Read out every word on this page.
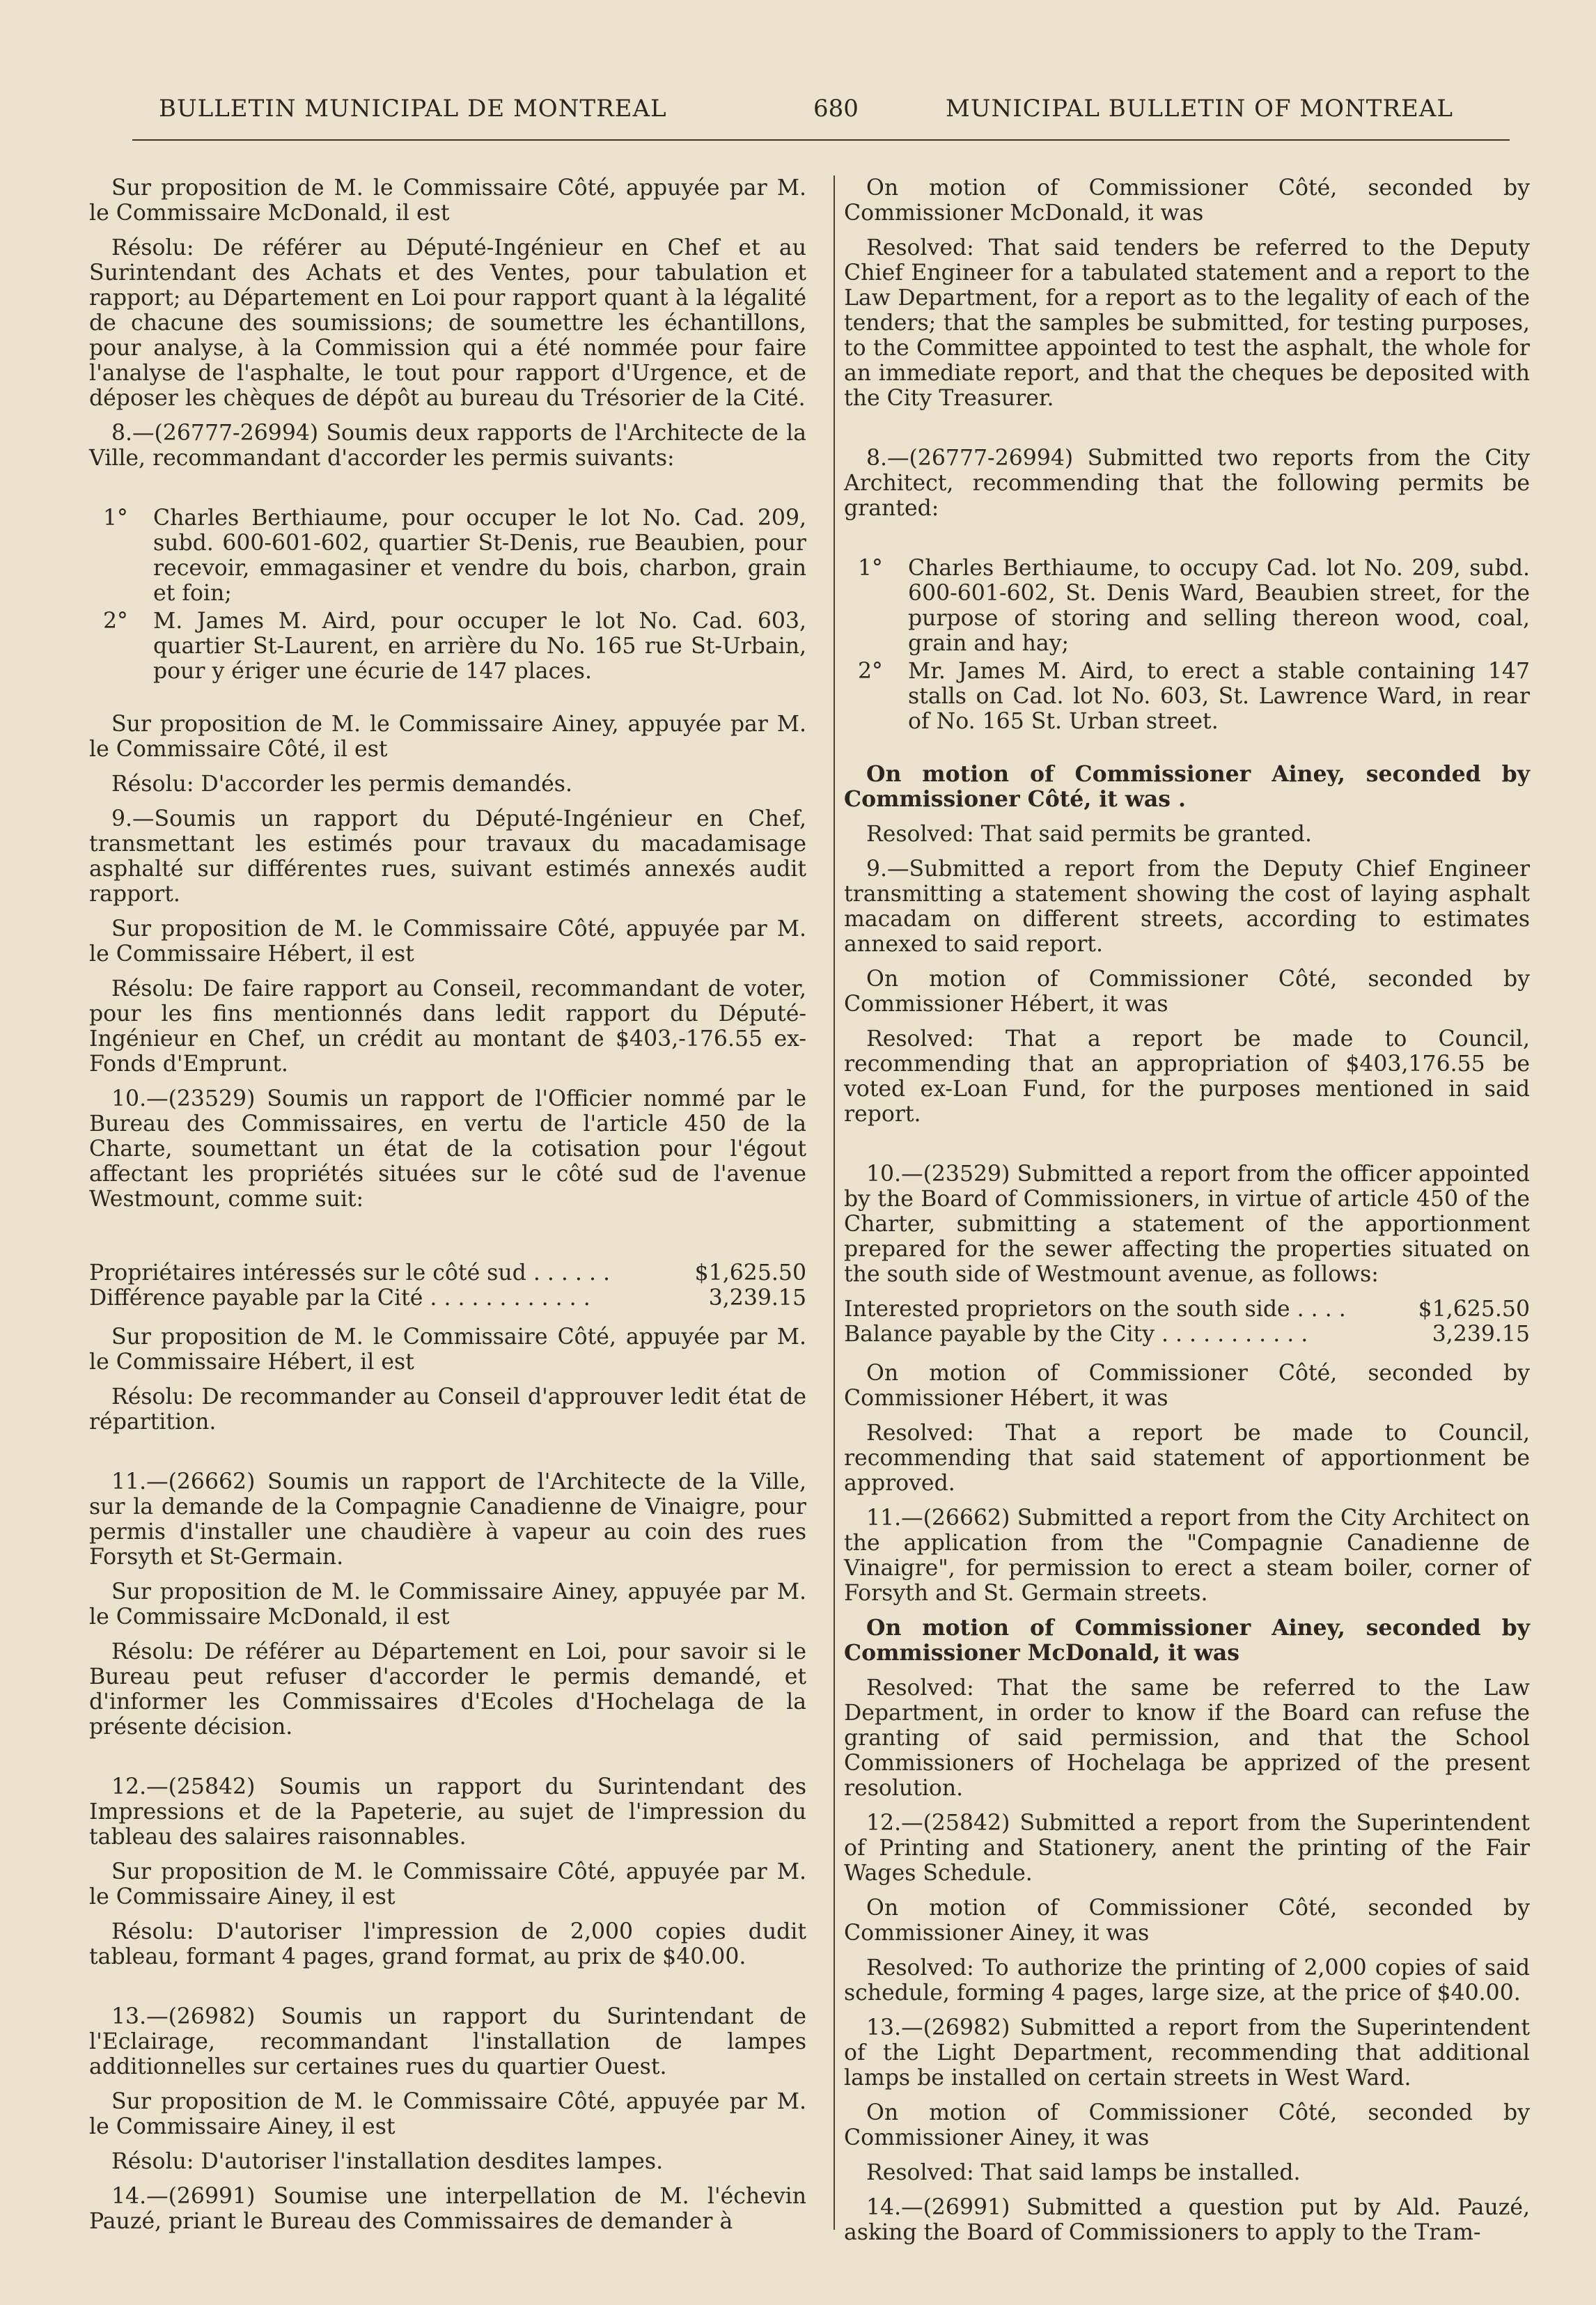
BULLETIN MUNICIPAL DE MONTREAL	680	MUNICIPAL BULLETIN OF MONTREAL

Sur proposition de M. le Commissaire Côté, appuyée par M. le Commissaire McDonald, il est

Résolu: De référer au Député-Ingénieur en Chef et au Surintendant des Achats et des Ventes, pour tabulation et rapport; au Département en Loi pour rapport quant à la légalité de chacune des soumissions; de soumettre les échantillons, pour analyse, à la Commission qui a été nommée pour faire l'analyse de l'asphalte, le tout pour rapport d'Urgence, et de déposer les chèques de dépôt au bureau du Trésorier de la Cité.

8.—(26777-26994) Soumis deux rapports de l'Architecte de la Ville, recommandant d'accorder les permis suivants:

1°	Charles Berthiaume, pour occuper le lot No. Cad. 209, subd. 600-601-602, quartier St-Denis, rue Beaubien, pour recevoir, emmagasiner et vendre du bois, charbon, grain et foin;
2°	M. James M. Aird, pour occuper le lot No. Cad. 603, quartier St-Laurent, en arrière du No. 165 rue St-Urbain, pour y ériger une écurie de 147 places.

Sur proposition de M. le Commissaire Ainey, appuyée par M. le Commissaire Côté, il est

Résolu: D'accorder les permis demandés.

9.—Soumis un rapport du Député-Ingénieur en Chef, transmettant les estimés pour travaux du macadamisage asphalté sur différentes rues, suivant estimés annexés audit rapport.

Sur proposition de M. le Commissaire Côté, appuyée par M. le Commissaire Hébert, il est

Résolu: De faire rapport au Conseil, recommandant de voter, pour les fins mentionnés dans ledit rapport du Député-Ingénieur en Chef, un crédit au montant de $403,-176.55 ex-Fonds d'Emprunt.

10.—(23529) Soumis un rapport de l'Officier nommé par le Bureau des Commissaires, en vertu de l'article 450 de la Charte, soumettant un état de la cotisation pour l'égout affectant les propriétés situées sur le côté sud de l'avenue Westmount, comme suit:

Propriétaires intéressés sur le côté sud . . . . . .	$1,625.50
Différence payable par la Cité . . . . . . . . . . . .	3,239.15

Sur proposition de M. le Commissaire Côté, appuyée par M. le Commissaire Hébert, il est

Résolu: De recommander au Conseil d'approuver ledit état de répartition.

11.—(26662) Soumis un rapport de l'Architecte de la Ville, sur la demande de la Compagnie Canadienne de Vinaigre, pour permis d'installer une chaudière à vapeur au coin des rues Forsyth et St-Germain.

Sur proposition de M. le Commissaire Ainey, appuyée par M. le Commissaire McDonald, il est

Résolu: De référer au Département en Loi, pour savoir si le Bureau peut refuser d'accorder le permis demandé, et d'informer les Commissaires d'Ecoles d'Hochelaga de la présente décision.

12.—(25842) Soumis un rapport du Surintendant des Impressions et de la Papeterie, au sujet de l'impression du tableau des salaires raisonnables.

Sur proposition de M. le Commissaire Côté, appuyée par M. le Commissaire Ainey, il est

Résolu: D'autoriser l'impression de 2,000 copies dudit tableau, formant 4 pages, grand format, au prix de $40.00.

13.—(26982) Soumis un rapport du Surintendant de l'Eclairage, recommandant l'installation de lampes additionnelles sur certaines rues du quartier Ouest.

Sur proposition de M. le Commissaire Côté, appuyée par M. le Commissaire Ainey, il est

Résolu: D'autoriser l'installation desdites lampes.

14.—(26991) Soumise une interpellation de M. l'échevin Pauzé, priant le Bureau des Commissaires de demander à

On motion of Commissioner Côté, seconded by Commissioner McDonald, it was

Resolved: That said tenders be referred to the Deputy Chief Engineer for a tabulated statement and a report to the Law Department, for a report as to the legality of each of the tenders; that the samples be submitted, for testing purposes, to the Committee appointed to test the asphalt, the whole for an immediate report, and that the cheques be deposited with the City Treasurer.

8.—(26777-26994) Submitted two reports from the City Architect, recommending that the following permits be granted:

1°	Charles Berthiaume, to occupy Cad. lot No. 209, subd. 600-601-602, St. Denis Ward, Beaubien street, for the purpose of storing and selling thereon wood, coal, grain and hay;
2°	Mr. James M. Aird, to erect a stable containing 147 stalls on Cad. lot No. 603, St. Lawrence Ward, in rear of No. 165 St. Urban street.

On motion of Commissioner Ainey, seconded by Commissioner Côté, it was .

Resolved: That said permits be granted.

9.—Submitted a report from the Deputy Chief Engineer transmitting a statement showing the cost of laying asphalt macadam on different streets, according to estimates annexed to said report.

On motion of Commissioner Côté, seconded by Commissioner Hébert, it was

Resolved: That a report be made to Council, recommending that an appropriation of $403,176.55 be voted ex-Loan Fund, for the purposes mentioned in said report.

10.—(23529) Submitted a report from the officer appointed by the Board of Commissioners, in virtue of article 450 of the Charter, submitting a statement of the apportionment prepared for the sewer affecting the properties situated on the south side of Westmount avenue, as follows:

Interested proprietors on the south side . . . .	$1,625.50
Balance payable by the City . . . . . . . . . . .	3,239.15

On motion of Commissioner Côté, seconded by Commissioner Hébert, it was

Resolved: That a report be made to Council, recommending that said statement of apportionment be approved.

11.—(26662) Submitted a report from the City Architect on the application from the "Compagnie Canadienne de Vinaigre", for permission to erect a steam boiler, corner of Forsyth and St. Germain streets.

On motion of Commissioner Ainey, seconded by Commissioner McDonald, it was

Resolved: That the same be referred to the Law Department, in order to know if the Board can refuse the granting of said permission, and that the School Commissioners of Hochelaga be apprized of the present resolution.

12.—(25842) Submitted a report from the Superintendent of Printing and Stationery, anent the printing of the Fair Wages Schedule.

On motion of Commissioner Côté, seconded by Commissioner Ainey, it was

Resolved: To authorize the printing of 2,000 copies of said schedule, forming 4 pages, large size, at the price of $40.00.

13.—(26982) Submitted a report from the Superintendent of the Light Department, recommending that additional lamps be installed on certain streets in West Ward.

On motion of Commissioner Côté, seconded by Commissioner Ainey, it was

Resolved: That said lamps be installed.

14.—(26991) Submitted a question put by Ald. Pauzé, asking the Board of Commissioners to apply to the Tram-
